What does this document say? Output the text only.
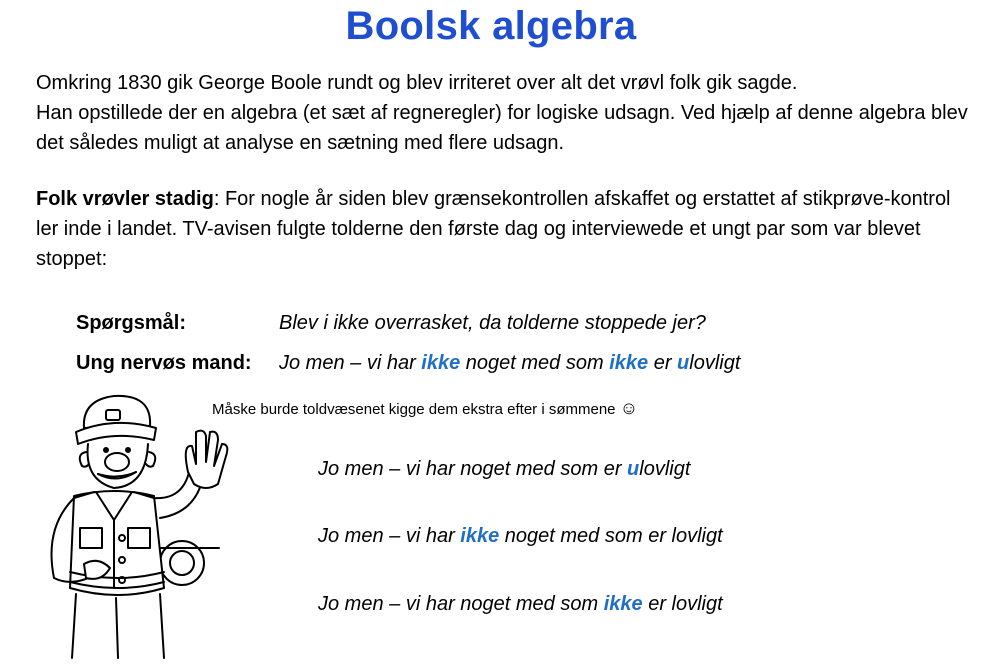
Boolsk algebra
Omkring 1830 gik George Boole rundt og blev irriteret over alt det vrøvl folk gik sagde.
Han opstillede der en algebra (et sæt af regneregler) for logiske udsagn. Ved hjælp af denne algebra blev det således muligt at analyse en sætning med flere udsagn.
Folk vrøvler stadig: For nogle år siden blev grænsekontrollen afskaffet og erstattet af stikprøve-kontrol ler inde i landet. TV-avisen fulgte tolderne den første dag og interviewede et ungt par som var blevet stoppet:
Spørgsmål:	Blev i ikke overrasket, da tolderne stoppede jer?
Ung nervøs mand: Jo men – vi har ikke noget med som ikke er ulovligt
Måske burde toldvæsenet kigge dem ekstra efter i sømmene ☺
Jo men – vi har noget med som er ulovligt
Jo men – vi har ikke noget med som er lovligt
Jo men – vi har noget med som ikke er lovligt
